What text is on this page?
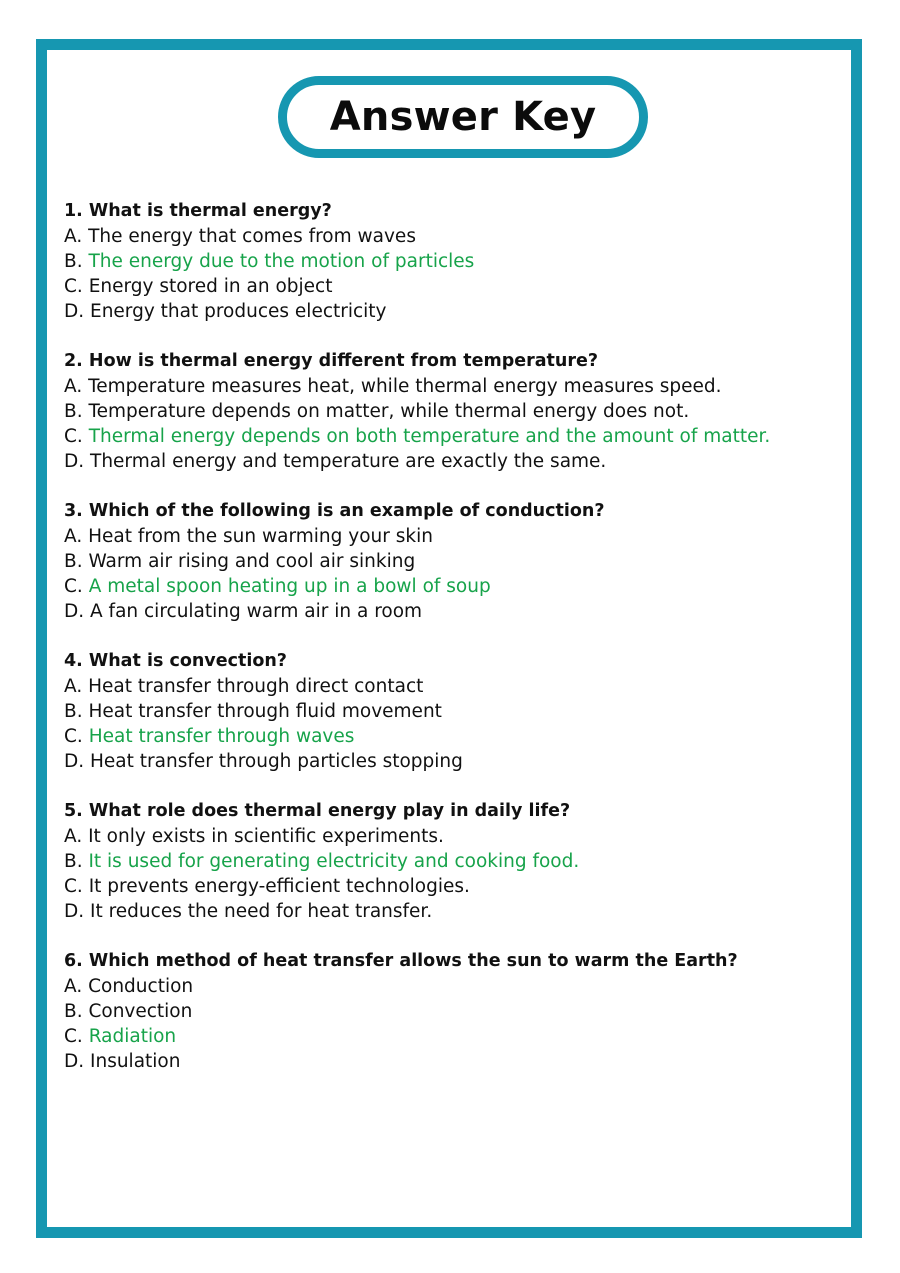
Answer Key
1. What is thermal energy?
A. The energy that comes from waves
B. The energy due to the motion of particles
C. Energy stored in an object
D. Energy that produces electricity
2. How is thermal energy different from temperature?
A. Temperature measures heat, while thermal energy measures speed.
B. Temperature depends on matter, while thermal energy does not.
C. Thermal energy depends on both temperature and the amount of matter.
D. Thermal energy and temperature are exactly the same.
3. Which of the following is an example of conduction?
A. Heat from the sun warming your skin
B. Warm air rising and cool air sinking
C. A metal spoon heating up in a bowl of soup
D. A fan circulating warm air in a room
4. What is convection?
A. Heat transfer through direct contact
B. Heat transfer through fluid movement
C. Heat transfer through waves
D. Heat transfer through particles stopping
5. What role does thermal energy play in daily life?
A. It only exists in scientific experiments.
B. It is used for generating electricity and cooking food.
C. It prevents energy-efficient technologies.
D. It reduces the need for heat transfer.
6. Which method of heat transfer allows the sun to warm the Earth?
A. Conduction
B. Convection
C. Radiation
D. Insulation
